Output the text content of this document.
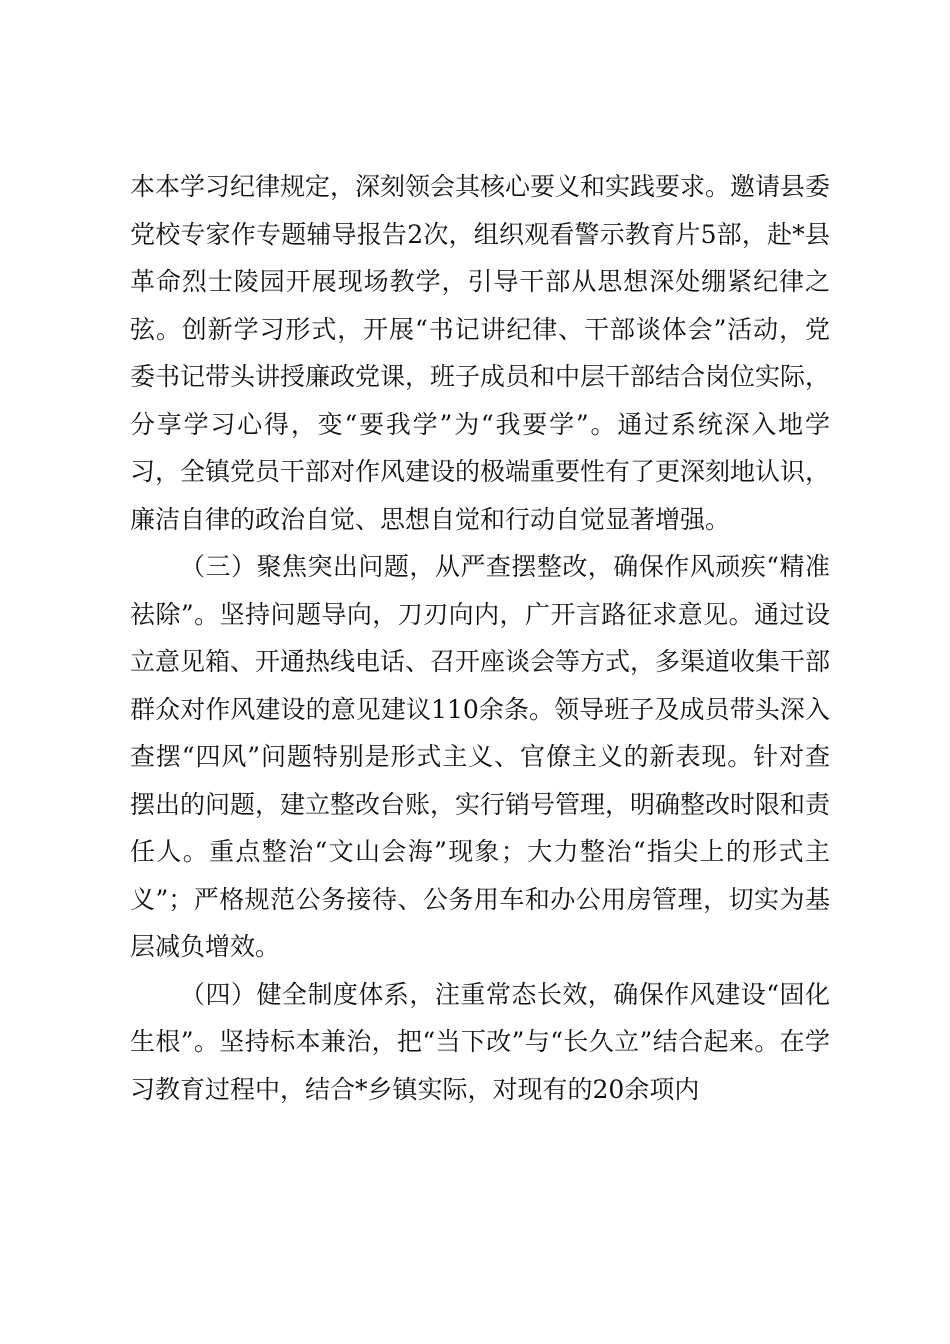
本本学习纪律规定，深刻领会其核心要义和实践要求。邀请县委党校专家作专题辅导报告2次，组织观看警示教育片5部，赴*县革命烈士陵园开展现场教学，引导干部从思想深处绷紧纪律之弦。创新学习形式，开展“书记讲纪律、干部谈体会”活动，党委书记带头讲授廉政党课，班子成员和中层干部结合岗位实际，分享学习心得，变“要我学”为“我要学”。通过系统深入地学习，全镇党员干部对作风建设的极端重要性有了更深刻地认识，廉洁自律的政治自觉、思想自觉和行动自觉显著增强。

（三）聚焦突出问题，从严查摆整改，确保作风顽疾“精准祛除”。坚持问题导向，刀刃向内，广开言路征求意见。通过设立意见箱、开通热线电话、召开座谈会等方式，多渠道收集干部群众对作风建设的意见建议110余条。领导班子及成员带头深入查摆“四风”问题特别是形式主义、官僚主义的新表现。针对查摆出的问题，建立整改台账，实行销号管理，明确整改时限和责任人。重点整治“文山会海”现象；大力整治“指尖上的形式主义”；严格规范公务接待、公务用车和办公用房管理，切实为基层减负增效。

（四）健全制度体系，注重常态长效，确保作风建设“固化生根”。坚持标本兼治，把“当下改”与“长久立”结合起来。在学习教育过程中，结合*乡镇实际，对现有的20余项内
